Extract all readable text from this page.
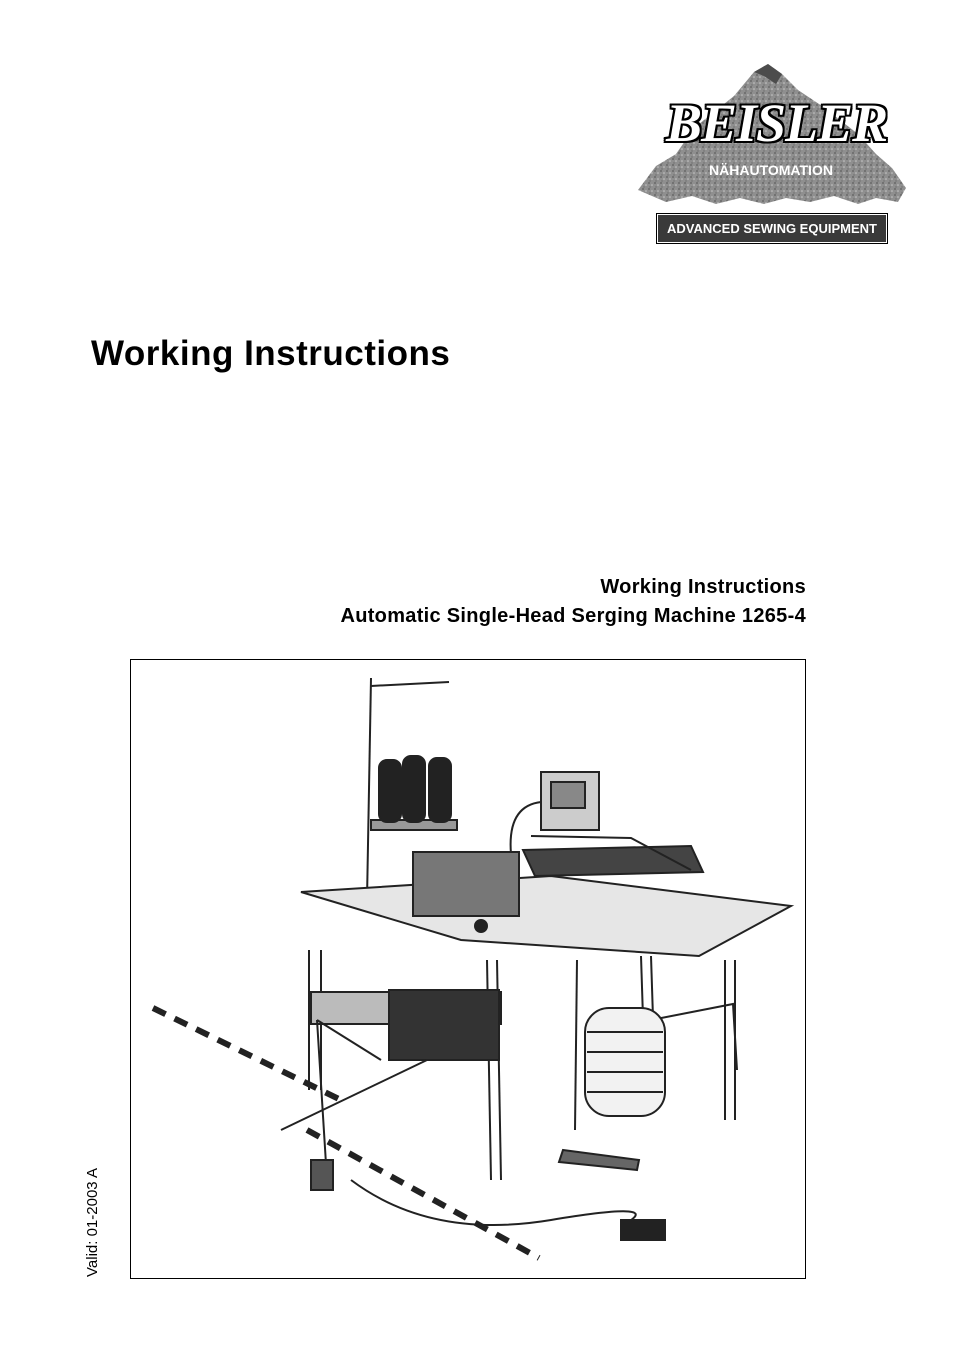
BEISLER
NÄHAUTOMATION
ADVANCED SEWING EQUIPMENT
Working Instructions
Working Instructions
Automatic Single-Head Serging Machine 1265-4
Valid: 01-2003 A
